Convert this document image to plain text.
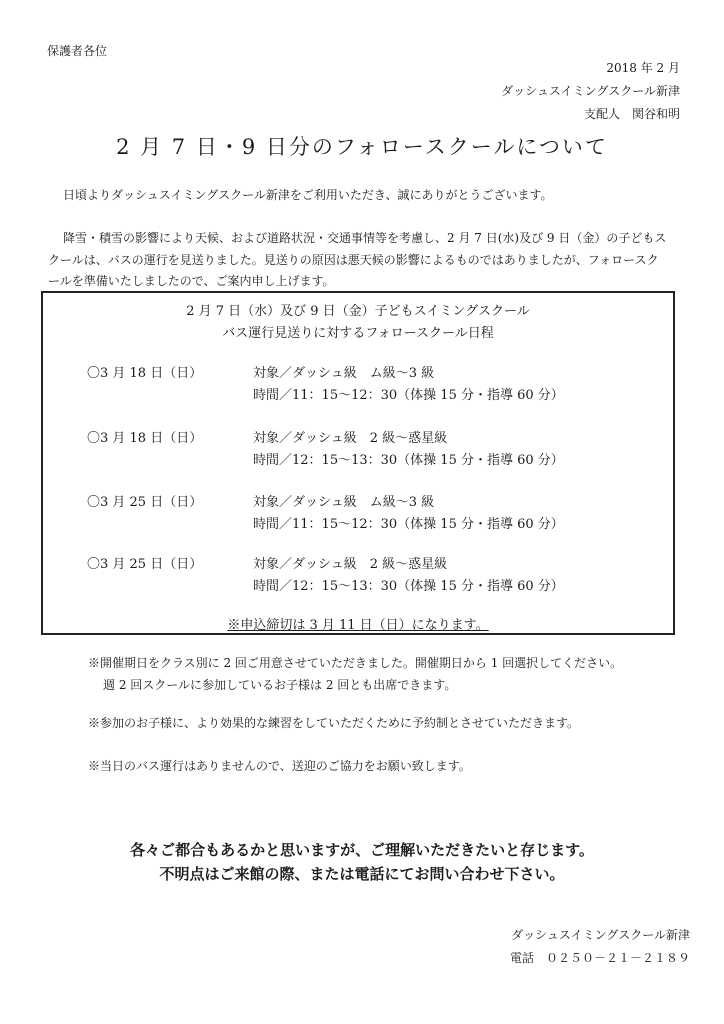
保護者各位
2018 年 2 月
ダッシュスイミングスクール新津
支配人　関谷和明
2 月 7 日・9 日分のフォロースクールについて
日頃よりダッシュスイミングスクール新津をご利用いただき、誠にありがとうございます。
降雪・積雪の影響により天候、および道路状況・交通事情等を考慮し、2 月 7 日(水)及び 9 日（金）の子どもス
クールは、バスの運行を見送りました。見送りの原因は悪天候の影響によるものではありましたが、フォロースク
ールを準備いたしましたので、ご案内申し上げます。
2 月 7 日（水）及び 9 日（金）子どもスイミングスクール
バス運行見送りに対するフォロースクール日程
〇3 月 18 日（日）	対象／ダッシュ級　ム級～3 級
時間／11：15～12：30（体操 15 分・指導 60 分）
〇3 月 18 日（日）	対象／ダッシュ級　2 級～惑星級
時間／12：15～13：30（体操 15 分・指導 60 分）
〇3 月 25 日（日）	対象／ダッシュ級　ム級～3 級
時間／11：15～12：30（体操 15 分・指導 60 分）
〇3 月 25 日（日）	対象／ダッシュ級　2 級～惑星級
時間／12：15～13：30（体操 15 分・指導 60 分）
※申込締切は 3 月 11 日（日）になります。
※開催期日をクラス別に 2 回ご用意させていただきました。開催期日から 1 回選択してください。
週 2 回スクールに参加しているお子様は 2 回とも出席できます。
※参加のお子様に、より効果的な練習をしていただくために予約制とさせていただきます。
※当日のバス運行はありませんので、送迎のご協力をお願い致します。
各々ご都合もあるかと思いますが、ご理解いただきたいと存じます。
不明点はご来館の際、または電話にてお問い合わせ下さい。
ダッシュスイミングスクール新津
電話　０２５０－２１－２１８９
